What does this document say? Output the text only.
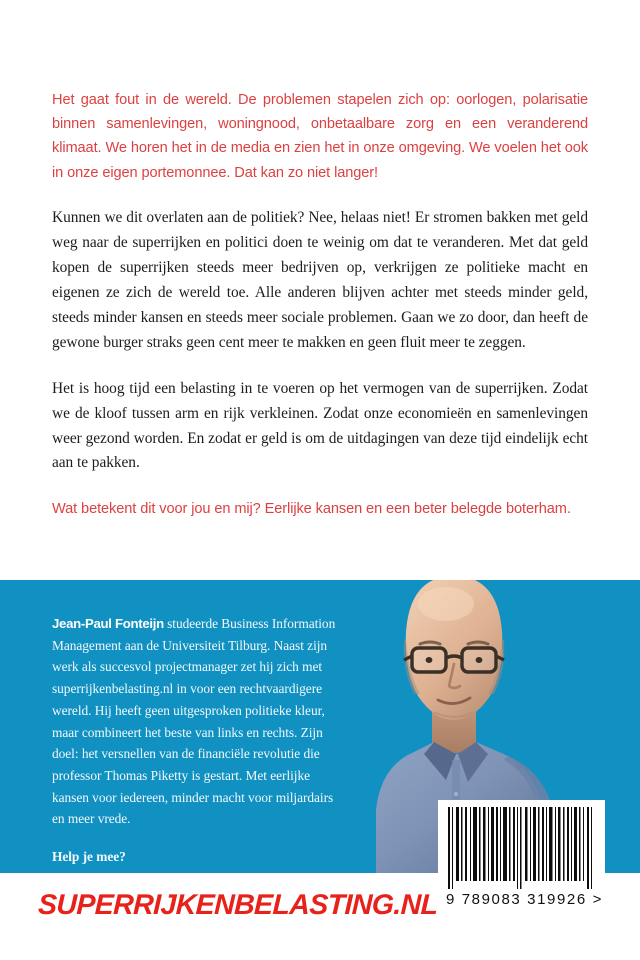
Het gaat fout in de wereld. De problemen stapelen zich op: oorlogen, polarisatie binnen samenlevingen, woningnood, onbetaalbare zorg en een veranderend klimaat. We horen het in de media en zien het in onze omgeving. We voelen het ook in onze eigen portemonnee. Dat kan zo niet langer!

Kunnen we dit overlaten aan de politiek? Nee, helaas niet! Er stromen bakken met geld weg naar de superrijken en politici doen te weinig om dat te veranderen. Met dat geld kopen de superrijken steeds meer bedrijven op, verkrijgen ze politieke macht en eigenen ze zich de wereld toe. Alle anderen blijven achter met steeds minder geld, steeds minder kansen en steeds meer sociale problemen. Gaan we zo door, dan heeft de gewone burger straks geen cent meer te makken en geen fluit meer te zeggen.

Het is hoog tijd een belasting in te voeren op het vermogen van de superrijken. Zodat we de kloof tussen arm en rijk verkleinen. Zodat onze economieën en samenlevingen weer gezond worden. En zodat er geld is om de uitdagingen van deze tijd eindelijk echt aan te pakken.

Wat betekent dit voor jou en mij? Eerlijke kansen en een beter belegde boterham.

Jean-Paul Fonteijn studeerde Business Information Management aan de Universiteit Tilburg. Naast zijn werk als succesvol projectmanager zet hij zich met superrijkenbelasting.nl in voor een rechtvaardigere wereld. Hij heeft geen uitgesproken politieke kleur, maar combineert het beste van links en rechts. Zijn doel: het versnellen van de financiële revolutie die professor Thomas Piketty is gestart. Met eerlijke kansen voor iedereen, minder macht voor miljardairs en meer vrede.

Help je mee?

9 789083 319926 >

SUPERRIJKENBELASTING.NL
